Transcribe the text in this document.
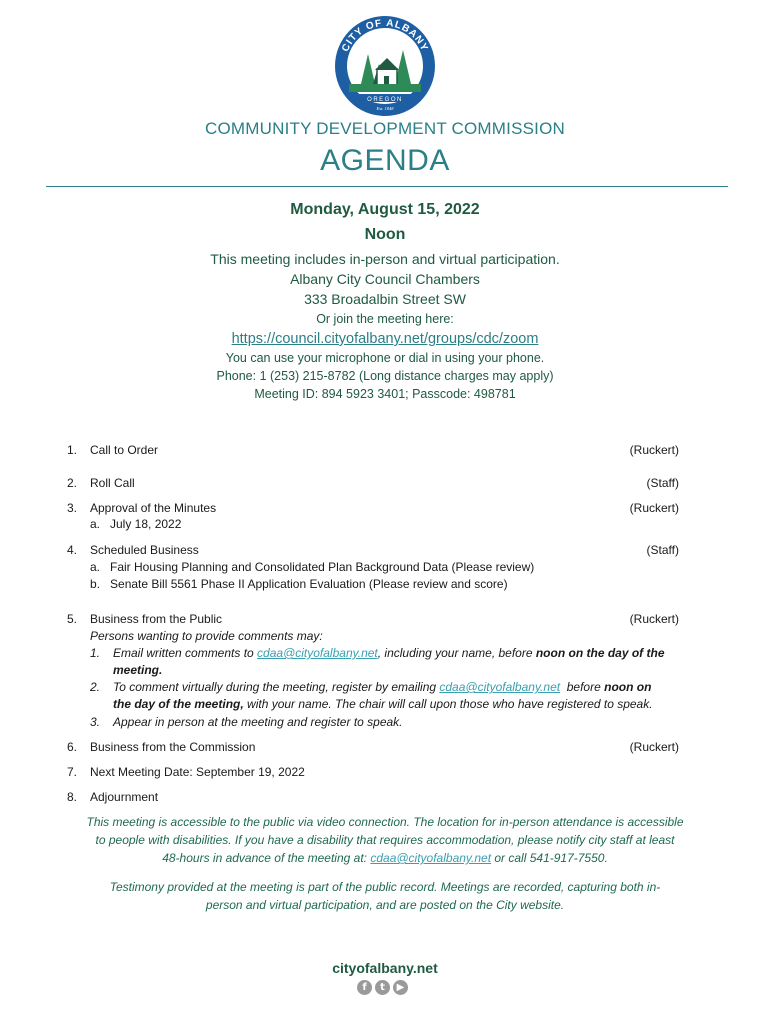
CITY OF ALBANY
OREGON
Est. 1848
COMMUNITY DEVELOPMENT COMMISSION
AGENDA
Monday, August 15, 2022
Noon
This meeting includes in-person and virtual participation.
Albany City Council Chambers
333 Broadalbin Street SW
Or join the meeting here:
https://council.cityofalbany.net/groups/cdc/zoom
You can use your microphone or dial in using your phone.
Phone: 1 (253) 215-8782 (Long distance charges may apply)
Meeting ID: 894 5923 3401; Passcode: 498781
1.	Call to Order	(Ruckert)
2.	Roll Call	(Staff)
3.	Approval of the Minutes	(Ruckert)
a.   July 18, 2022
4.	Scheduled Business	(Staff)
a.   Fair Housing Planning and Consolidated Plan Background Data (Please review)
b.   Senate Bill 5561 Phase II Application Evaluation (Please review and score)
5.	Business from the Public	(Ruckert)
Persons wanting to provide comments may:
1. Email written comments to cdaa@cityofalbany.net, including your name, before noon on the day of the
meeting.
2. To comment virtually during the meeting, register by emailing cdaa@cityofalbany.net  before noon on
the day of the meeting, with your name. The chair will call upon those who have registered to speak.
3. Appear in person at the meeting and register to speak.
6.	Business from the Commission	(Ruckert)
7.	Next Meeting Date: September 19, 2022
8.	Adjournment
This meeting is accessible to the public via video connection. The location for in-person attendance is accessible
to people with disabilities. If you have a disability that requires accommodation, please notify city staff at least
48-hours in advance of the meeting at: cdaa@cityofalbany.net or call 541-917-7550.
Testimony provided at the meeting is part of the public record. Meetings are recorded, capturing both in-
person and virtual participation, and are posted on the City website.
cityofalbany.net
f	t	▶
